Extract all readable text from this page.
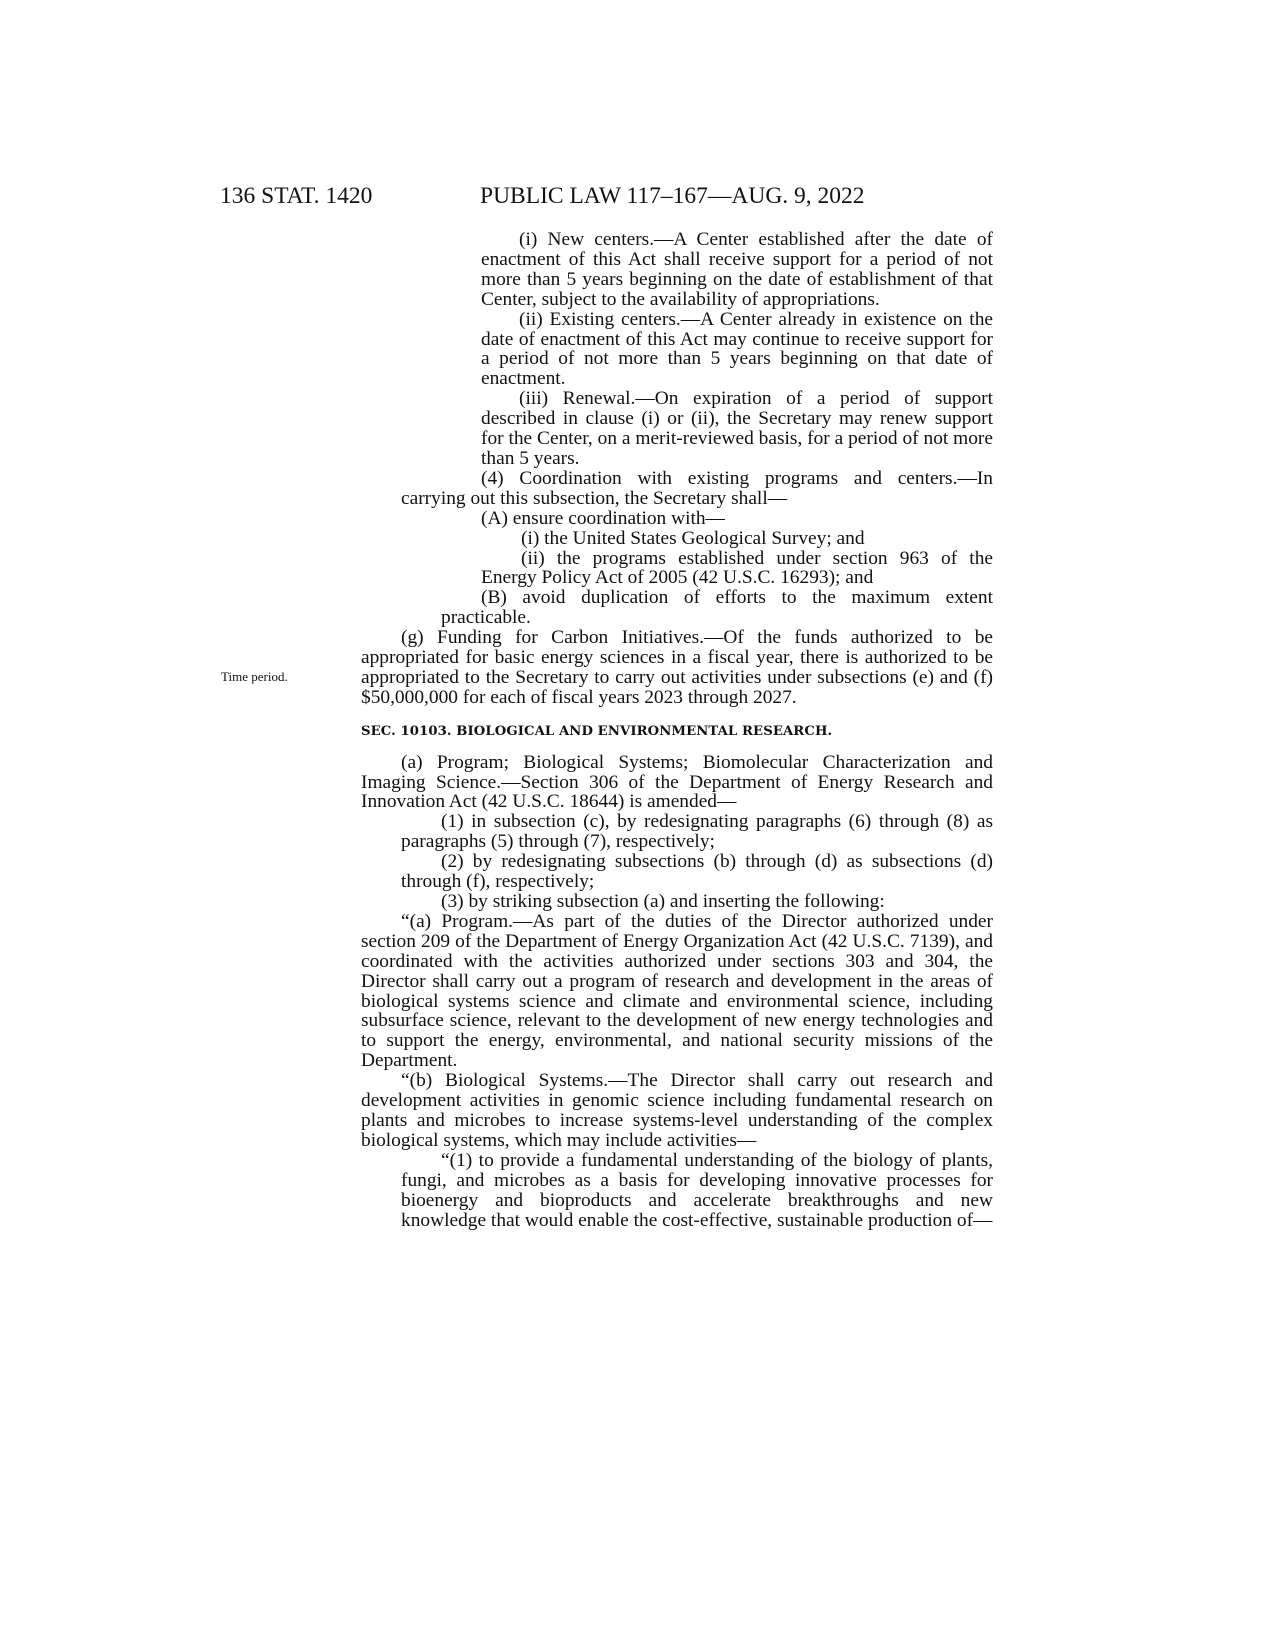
136 STAT. 1420	PUBLIC LAW 117–167—AUG. 9, 2022
Time period.

(i) New centers.—A Center established after the date of enactment of this Act shall receive support for a period of not more than 5 years beginning on the date of establishment of that Center, subject to the availability of appropriations.

(ii) Existing centers.—A Center already in existence on the date of enactment of this Act may continue to receive support for a period of not more than 5 years beginning on that date of enactment.

(iii) Renewal.—On expiration of a period of support described in clause (i) or (ii), the Secretary may renew support for the Center, on a merit-reviewed basis, for a period of not more than 5 years.

(4) Coordination with existing programs and centers.—In carrying out this subsection, the Secretary shall—

(A) ensure coordination with—

(i) the United States Geological Survey; and

(ii) the programs established under section 963 of the Energy Policy Act of 2005 (42 U.S.C. 16293); and

(B) avoid duplication of efforts to the maximum extent practicable.

(g) Funding for Carbon Initiatives.—Of the funds authorized to be appropriated for basic energy sciences in a fiscal year, there is authorized to be appropriated to the Secretary to carry out activities under subsections (e) and (f) $50,000,000 for each of fiscal years 2023 through 2027.

SEC. 10103. BIOLOGICAL AND ENVIRONMENTAL RESEARCH.

(a) Program; Biological Systems; Biomolecular Characterization and Imaging Science.—Section 306 of the Department of Energy Research and Innovation Act (42 U.S.C. 18644) is amended—

(1) in subsection (c), by redesignating paragraphs (6) through (8) as paragraphs (5) through (7), respectively;

(2) by redesignating subsections (b) through (d) as subsections (d) through (f), respectively;

(3) by striking subsection (a) and inserting the following:

“(a) Program.—As part of the duties of the Director authorized under section 209 of the Department of Energy Organization Act (42 U.S.C. 7139), and coordinated with the activities authorized under sections 303 and 304, the Director shall carry out a program of research and development in the areas of biological systems science and climate and environmental science, including subsurface science, relevant to the development of new energy technologies and to support the energy, environmental, and national security missions of the Department.

“(b) Biological Systems.—The Director shall carry out research and development activities in genomic science including fundamental research on plants and microbes to increase systems-level understanding of the complex biological systems, which may include activities—

“(1) to provide a fundamental understanding of the biology of plants, fungi, and microbes as a basis for developing innovative processes for bioenergy and bioproducts and accelerate breakthroughs and new knowledge that would enable the cost-effective, sustainable production of—
